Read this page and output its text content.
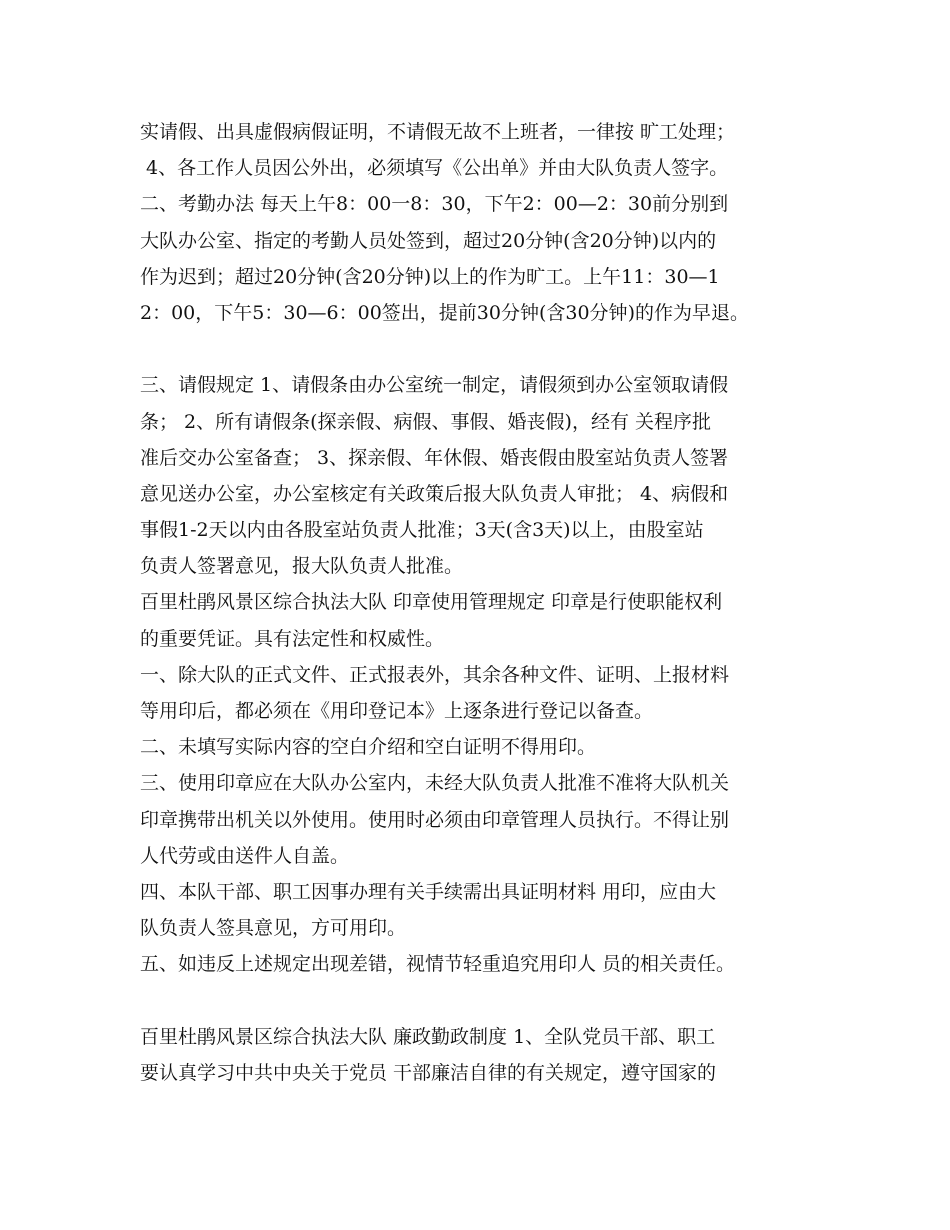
实请假、出具虚假病假证明，不请假无故不上班者，一律按 旷工处理；
4、各工作人员因公外出，必须填写《公出单》并由大队负责人签字。
二、考勤办法 每天上午8：00一8：30，下午2：00—2：30前分别到
大队办公室、指定的考勤人员处签到，超过20分钟(含20分钟)以内的
作为迟到；超过20分钟(含20分钟)以上的作为旷工。上午11：30—1
2：00，下午5：30—6：00签出，提前30分钟(含30分钟)的作为早退。
三、请假规定 1、请假条由办公室统一制定，请假须到办公室领取请假
条； 2、所有请假条(探亲假、病假、事假、婚丧假)，经有 关程序批
准后交办公室备查； 3、探亲假、年休假、婚丧假由股室站负责人签署
意见送办公室，办公室核定有关政策后报大队负责人审批； 4、病假和
事假1-2天以内由各股室站负责人批准；3天(含3天)以上，由股室站
负责人签署意见，报大队负责人批准。
百里杜鹃风景区综合执法大队 印章使用管理规定 印章是行使职能权利
的重要凭证。具有法定性和权威性。
一、除大队的正式文件、正式报表外，其余各种文件、证明、上报材料
等用印后，都必须在《用印登记本》上逐条进行登记以备查。
二、未填写实际内容的空白介绍和空白证明不得用印。
三、使用印章应在大队办公室内，未经大队负责人批准不准将大队机关
印章携带出机关以外使用。使用时必须由印章管理人员执行。不得让别
人代劳或由送件人自盖。
四、本队干部、职工因事办理有关手续需出具证明材料 用印，应由大
队负责人签具意见，方可用印。
五、如违反上述规定出现差错，视情节轻重追究用印人 员的相关责任。
百里杜鹃风景区综合执法大队 廉政勤政制度 1、全队党员干部、职工
要认真学习中共中央关于党员 干部廉洁自律的有关规定，遵守国家的
